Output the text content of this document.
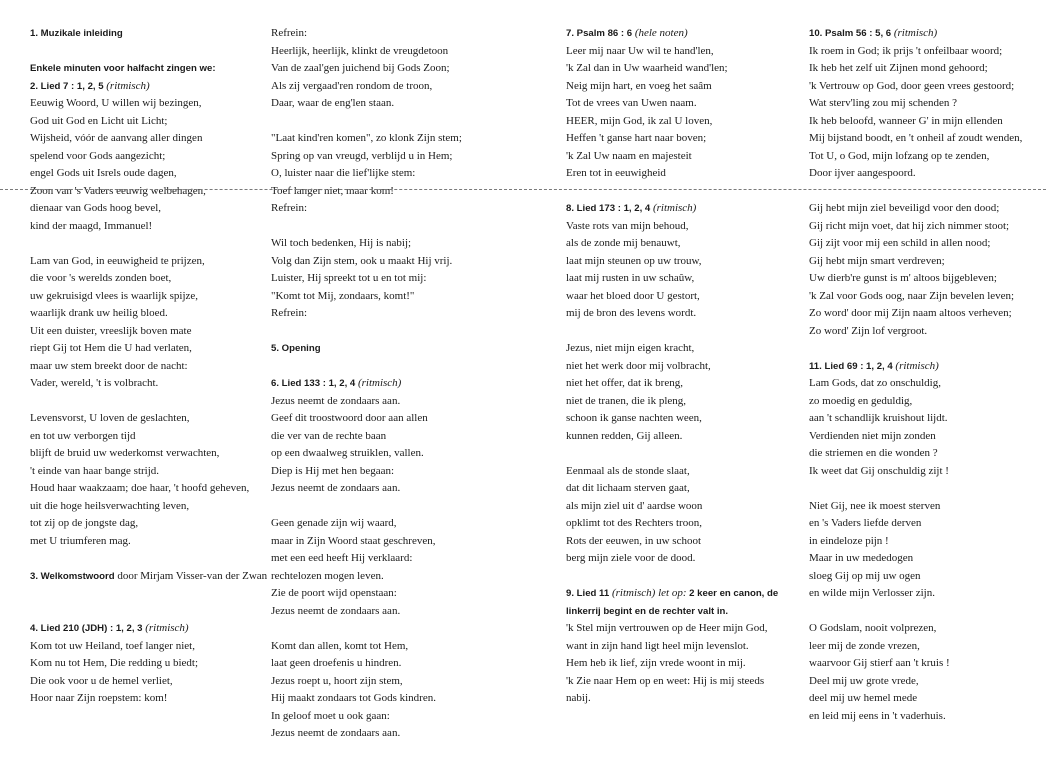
1. Muzikale inleiding
Enkele minuten voor halfacht zingen we:
2. Lied 7 : 1, 2, 5 (ritmisch)
Eeuwig Woord, U willen wij bezingen,
God uit God en Licht uit Licht;
Wijsheid, vóór de aanvang aller dingen
spelend voor Gods aangezicht;
engel Gods uit Isrels oude dagen,
Zoon van 's Vaders eeuwig welbehagen,
dienaar van Gods hoog bevel,
kind der maagd, Immanuel!
Lam van God, in eeuwigheid te prijzen,
die voor 's werelds zonden boet,
uw gekruisigd vlees is waarlijk spijze,
waarlijk drank uw heilig bloed.
Uit een duister, vreeslijk boven mate
riept Gij tot Hem die U had verlaten,
maar uw stem breekt door de nacht:
Vader, wereld, 't is volbracht.
Levensvorst, U loven de geslachten,
en tot uw verborgen tijd
blijft de bruid uw wederkomst verwachten,
't einde van haar bange strijd.
Houd haar waakzaam; doe haar, 't hoofd geheven,
uit die hoge heilsverwachting leven,
tot zij op de jongste dag,
met U triumferen mag.
3. Welkomstwoord door Mirjam Visser-van der Zwan
4. Lied 210 (JDH) : 1, 2, 3 (ritmisch)
Kom tot uw Heiland, toef langer niet,
Kom nu tot Hem, Die redding u biedt;
Die ook voor u de hemel verliet,
Hoor naar Zijn roepstem: kom!
Refrein:
Heerlijk, heerlijk, klinkt de vreugdetoon
Van de zaal'gen juichend bij Gods Zoon;
Als zij vergaad'ren rondom de troon,
Daar, waar de eng'len staan.
"Laat kind'ren komen", zo klonk Zijn stem;
Spring op van vreugd, verblijd u in Hem;
O, luister naar die lief'lijke stem:
Toef langer niet, maar kom!
Refrein:
Wil toch bedenken, Hij is nabij;
Volg dan Zijn stem, ook u maakt Hij vrij.
Luister, Hij spreekt tot u en tot mij:
"Komt tot Mij, zondaars, komt!"
Refrein:
5. Opening
6. Lied 133 : 1, 2, 4 (ritmisch)
Jezus neemt de zondaars aan.
Geef dit troostwoord door aan allen
die ver van de rechte baan
op een dwaalweg struiklen, vallen.
Diep is Hij met hen begaan:
Jezus neemt de zondaars aan.
Geen genade zijn wij waard,
maar in Zijn Woord staat geschreven,
met een eed heeft Hij verklaard:
rechtelozen mogen leven.
Zie de poort wijd openstaan:
Jezus neemt de zondaars aan.
Komt dan allen, komt tot Hem,
laat geen droefenis u hindren.
Jezus roept u, hoort zijn stem,
Hij maakt zondaars tot Gods kindren.
In geloof moet u ook gaan:
Jezus neemt de zondaars aan.
7. Psalm 86 : 6 (hele noten)
Leer mij naar Uw wil te hand'len,
'k Zal dan in Uw waarheid wand'len;
Neig mijn hart, en voeg het saâm
Tot de vrees van Uwen naam.
HEER, mijn God, ik zal U loven,
Heffen 't ganse hart naar boven;
'k Zal Uw naam en majesteit
Eren tot in eeuwigheid
8. Lied 173 : 1, 2, 4 (ritmisch)
Vaste rots van mijn behoud,
als de zonde mij benauwt,
laat mijn steunen op uw trouw,
laat mij rusten in uw schaûw,
waar het bloed door U gestort,
mij de bron des levens wordt.
Jezus, niet mijn eigen kracht,
niet het werk door mij volbracht,
niet het offer, dat ik breng,
niet de tranen, die ik pleng,
schoon ik ganse nachten ween,
kunnen redden, Gij alleen.
Eenmaal als de stonde slaat,
dat dit lichaam sterven gaat,
als mijn ziel uit d' aardse woon
opklimt tot des Rechters troon,
Rots der eeuwen, in uw schoot
berg mijn ziele voor de dood.
9. Lied 11 (ritmisch) let op: 2 keer en canon, de linkerrij begint en de rechter valt in.
'k Stel mijn vertrouwen op de Heer mijn God,
want in zijn hand ligt heel mijn levenslot.
Hem heb ik lief, zijn vrede woont in mij.
'k Zie naar Hem op en weet: Hij is mij steeds
nabij.
10. Psalm 56 : 5, 6 (ritmisch)
Ik roem in God; ik prijs 't onfeilbaar woord;
Ik heb het zelf uit Zijnen mond gehoord;
'k Vertrouw op God, door geen vrees gestoord;
Wat sterv'ling zou mij schenden ?
Ik heb beloofd, wanneer G' in mijn ellenden
Mij bijstand boodt, en 't onheil af zoudt wenden,
Tot U, o God, mijn lofzang op te zenden,
Door ijver aangespoord.
Gij hebt mijn ziel beveiligd voor den dood;
Gij richt mijn voet, dat hij zich nimmer stoot;
Gij zijt voor mij een schild in allen nood;
Gij hebt mijn smart verdreven;
Uw dierb're gunst is m' altoos bijgebleven;
'k Zal voor Gods oog, naar Zijn bevelen leven;
Zo word' door mij Zijn naam altoos verheven;
Zo word' Zijn lof vergroot.
11. Lied 69 : 1, 2, 4 (ritmisch)
Lam Gods, dat zo onschuldig,
zo moedig en geduldig,
aan 't schandlijk kruishout lijdt.
Verdienden niet mijn zonden
die striemen en die wonden ?
Ik weet dat Gij onschuldig zijt !
Niet Gij, nee ik moest sterven
en 's Vaders liefde derven
in eindeloze pijn !
Maar in uw mededogen
sloeg Gij op mij uw ogen
en wilde mijn Verlosser zijn.
O Godslam, nooit volprezen,
leer mij de zonde vrezen,
waarvoor Gij stierf aan 't kruis !
Deel mij uw grote vrede,
deel mij uw hemel mede
en leid mij eens in 't vaderhuis.
